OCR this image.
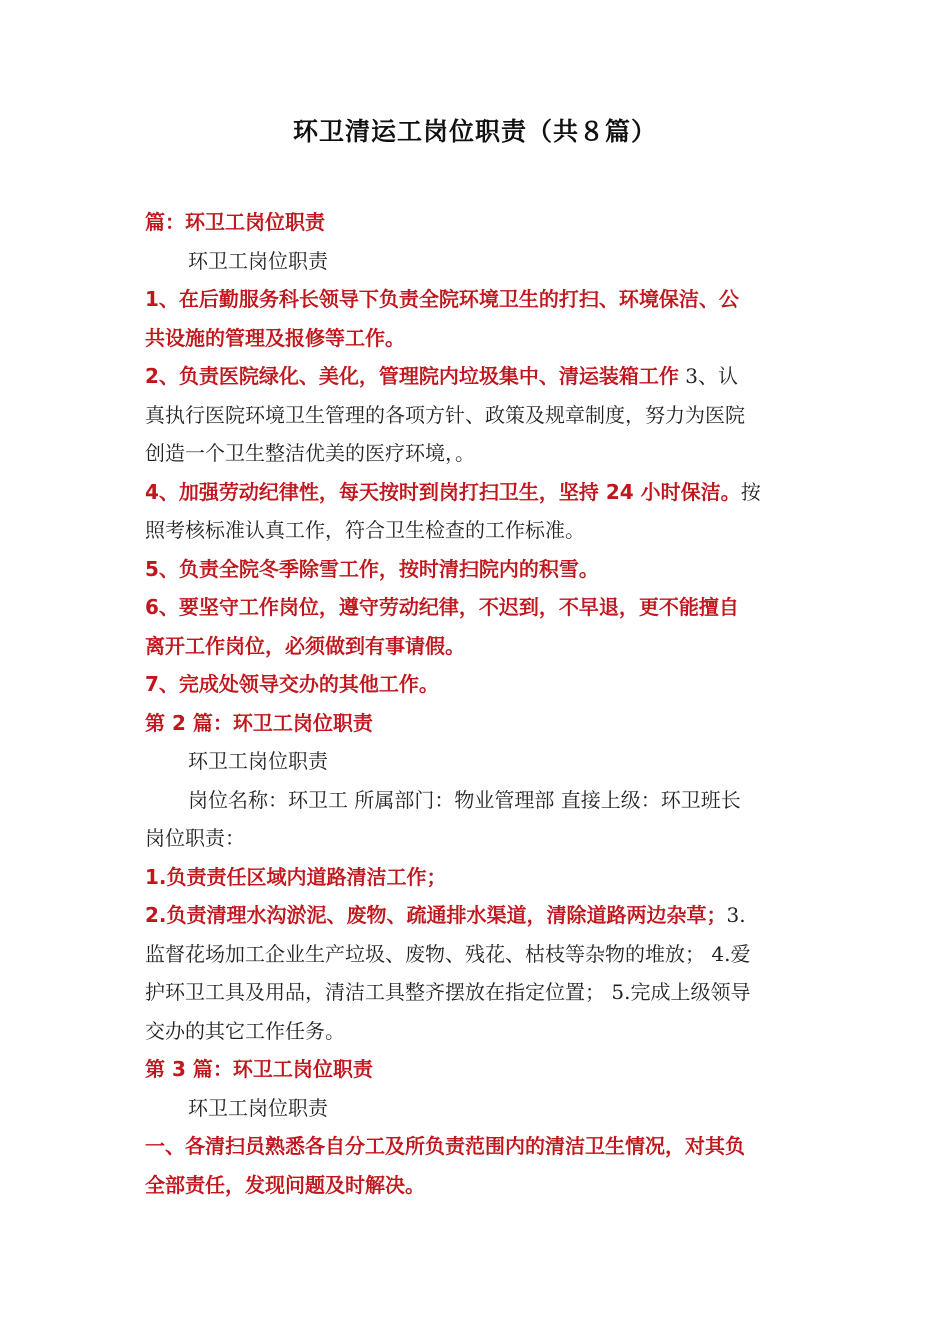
环卫清运工岗位职责（共８篇）
篇：环卫工岗位职责
环卫工岗位职责
1、在后勤服务科长领导下负责全院环境卫生的打扫、环境保洁、公
共设施的管理及报修等工作。
2、负责医院绿化、美化，管理院内垃圾集中、清运装箱工作 3、认
真执行医院环境卫生管理的各项方针、政策及规章制度，努力为医院
创造一个卫生整洁优美的医疗环境，。
4、加强劳动纪律性，每天按时到岗打扫卫生，坚持 24 小时保洁。按
照考核标准认真工作，符合卫生检查的工作标准。
5、负责全院冬季除雪工作，按时清扫院内的积雪。
6、要坚守工作岗位，遵守劳动纪律，不迟到，不早退，更不能擅自
离开工作岗位，必须做到有事请假。
7、完成处领导交办的其他工作。
第 2 篇：环卫工岗位职责
环卫工岗位职责
岗位名称：环卫工 所属部门：物业管理部 直接上级：环卫班长
岗位职责：
1.负责责任区域内道路清洁工作；
2.负责清理水沟淤泥、废物、疏通排水渠道，清除道路两边杂草；3.
监督花场加工企业生产垃圾、废物、残花、枯枝等杂物的堆放； 4.爱
护环卫工具及用品，清洁工具整齐摆放在指定位置； 5.完成上级领导
交办的其它工作任务。
第 3 篇：环卫工岗位职责
环卫工岗位职责
一、各清扫员熟悉各自分工及所负责范围内的清洁卫生情况，对其负
全部责任，发现问题及时解决。
